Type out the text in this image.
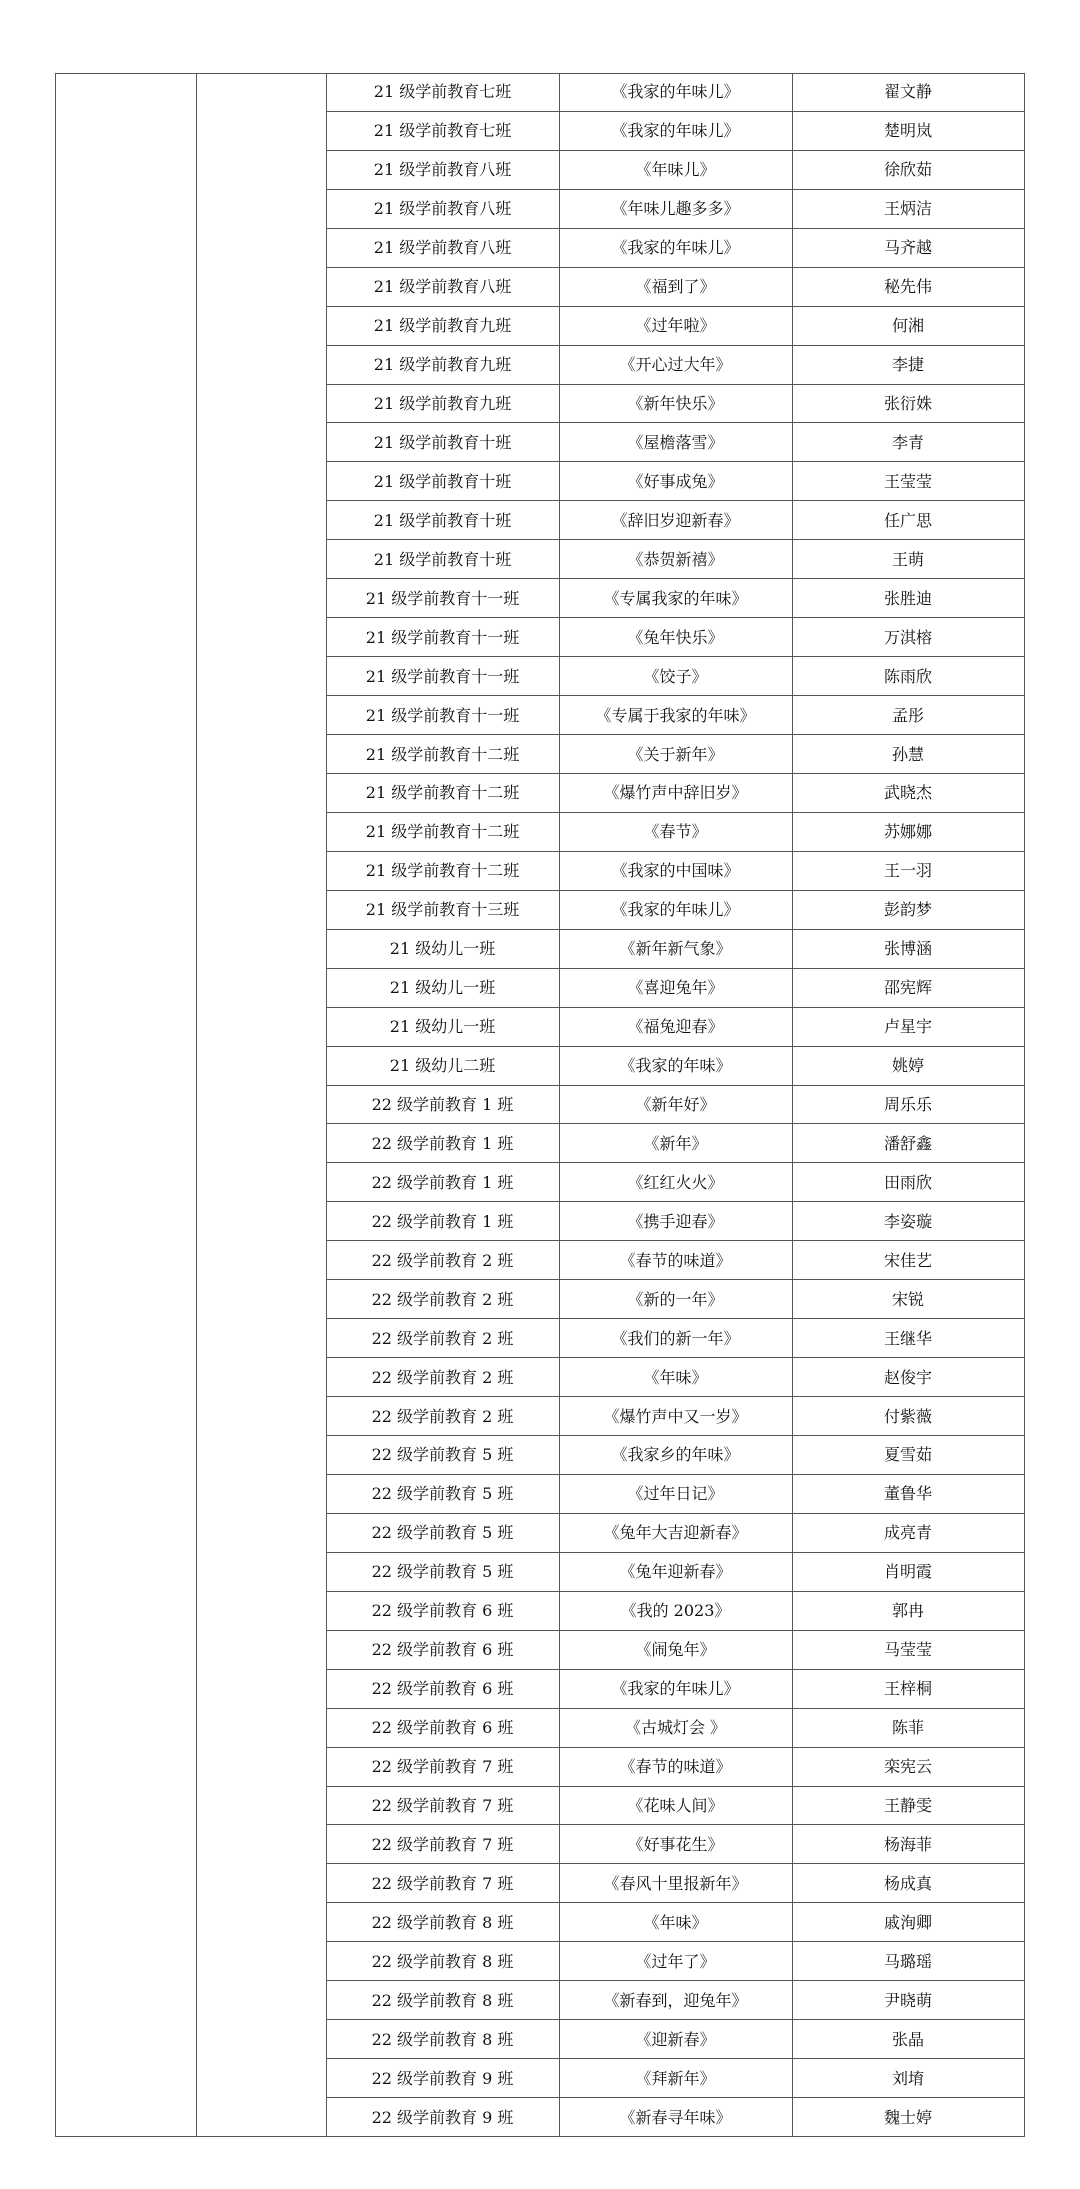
21 级学前教育七班	《我家的年味儿》	翟文静
21 级学前教育七班	《我家的年味儿》	楚明岚
21 级学前教育八班	《年味儿》	徐欣茹
21 级学前教育八班	《年味儿趣多多》	王炳洁
21 级学前教育八班	《我家的年味儿》	马齐越
21 级学前教育八班	《福到了》	秘先伟
21 级学前教育九班	《过年啦》	何湘
21 级学前教育九班	《开心过大年》	李捷
21 级学前教育九班	《新年快乐》	张衍姝
21 级学前教育十班	《屋檐落雪》	李青
21 级学前教育十班	《好事成兔》	王莹莹
21 级学前教育十班	《辞旧岁迎新春》	任广思
21 级学前教育十班	《恭贺新禧》	王萌
21 级学前教育十一班	《专属我家的年味》	张胜迪
21 级学前教育十一班	《兔年快乐》	万淇榕
21 级学前教育十一班	《饺子》	陈雨欣
21 级学前教育十一班	《专属于我家的年味》	孟彤
21 级学前教育十二班	《关于新年》	孙慧
21 级学前教育十二班	《爆竹声中辞旧岁》	武晓杰
21 级学前教育十二班	《春节》	苏娜娜
21 级学前教育十二班	《我家的中国味》	王一羽
21 级学前教育十三班	《我家的年味儿》	彭韵梦
21 级幼儿一班	《新年新气象》	张博涵
21 级幼儿一班	《喜迎兔年》	邵宪辉
21 级幼儿一班	《福兔迎春》	卢星宇
21 级幼儿二班	《我家的年味》	姚婷
22 级学前教育 1 班	《新年好》	周乐乐
22 级学前教育 1 班	《新年》	潘舒鑫
22 级学前教育 1 班	《红红火火》	田雨欣
22 级学前教育 1 班	《携手迎春》	李姿璇
22 级学前教育 2 班	《春节的味道》	宋佳艺
22 级学前教育 2 班	《新的一年》	宋锐
22 级学前教育 2 班	《我们的新一年》	王继华
22 级学前教育 2 班	《年味》	赵俊宇
22 级学前教育 2 班	《爆竹声中又一岁》	付紫薇
22 级学前教育 5 班	《我家乡的年味》	夏雪茹
22 级学前教育 5 班	《过年日记》	董鲁华
22 级学前教育 5 班	《兔年大吉迎新春》	成亮青
22 级学前教育 5 班	《兔年迎新春》	肖明霞
22 级学前教育 6 班	《我的 2023》	郭冉
22 级学前教育 6 班	《闹兔年》	马莹莹
22 级学前教育 6 班	《我家的年味儿》	王梓桐
22 级学前教育 6 班	《古城灯会 》	陈菲
22 级学前教育 7 班	《春节的味道》	栾宪云
22 级学前教育 7 班	《花味人间》	王静雯
22 级学前教育 7 班	《好事花生》	杨海菲
22 级学前教育 7 班	《春风十里报新年》	杨成真
22 级学前教育 8 班	《年味》	戚洵卿
22 级学前教育 8 班	《过年了》	马璐瑶
22 级学前教育 8 班	《新春到，迎兔年》	尹晓萌
22 级学前教育 8 班	《迎新春》	张晶
22 级学前教育 9 班	《拜新年》	刘堉
22 级学前教育 9 班	《新春寻年味》	魏士婷
